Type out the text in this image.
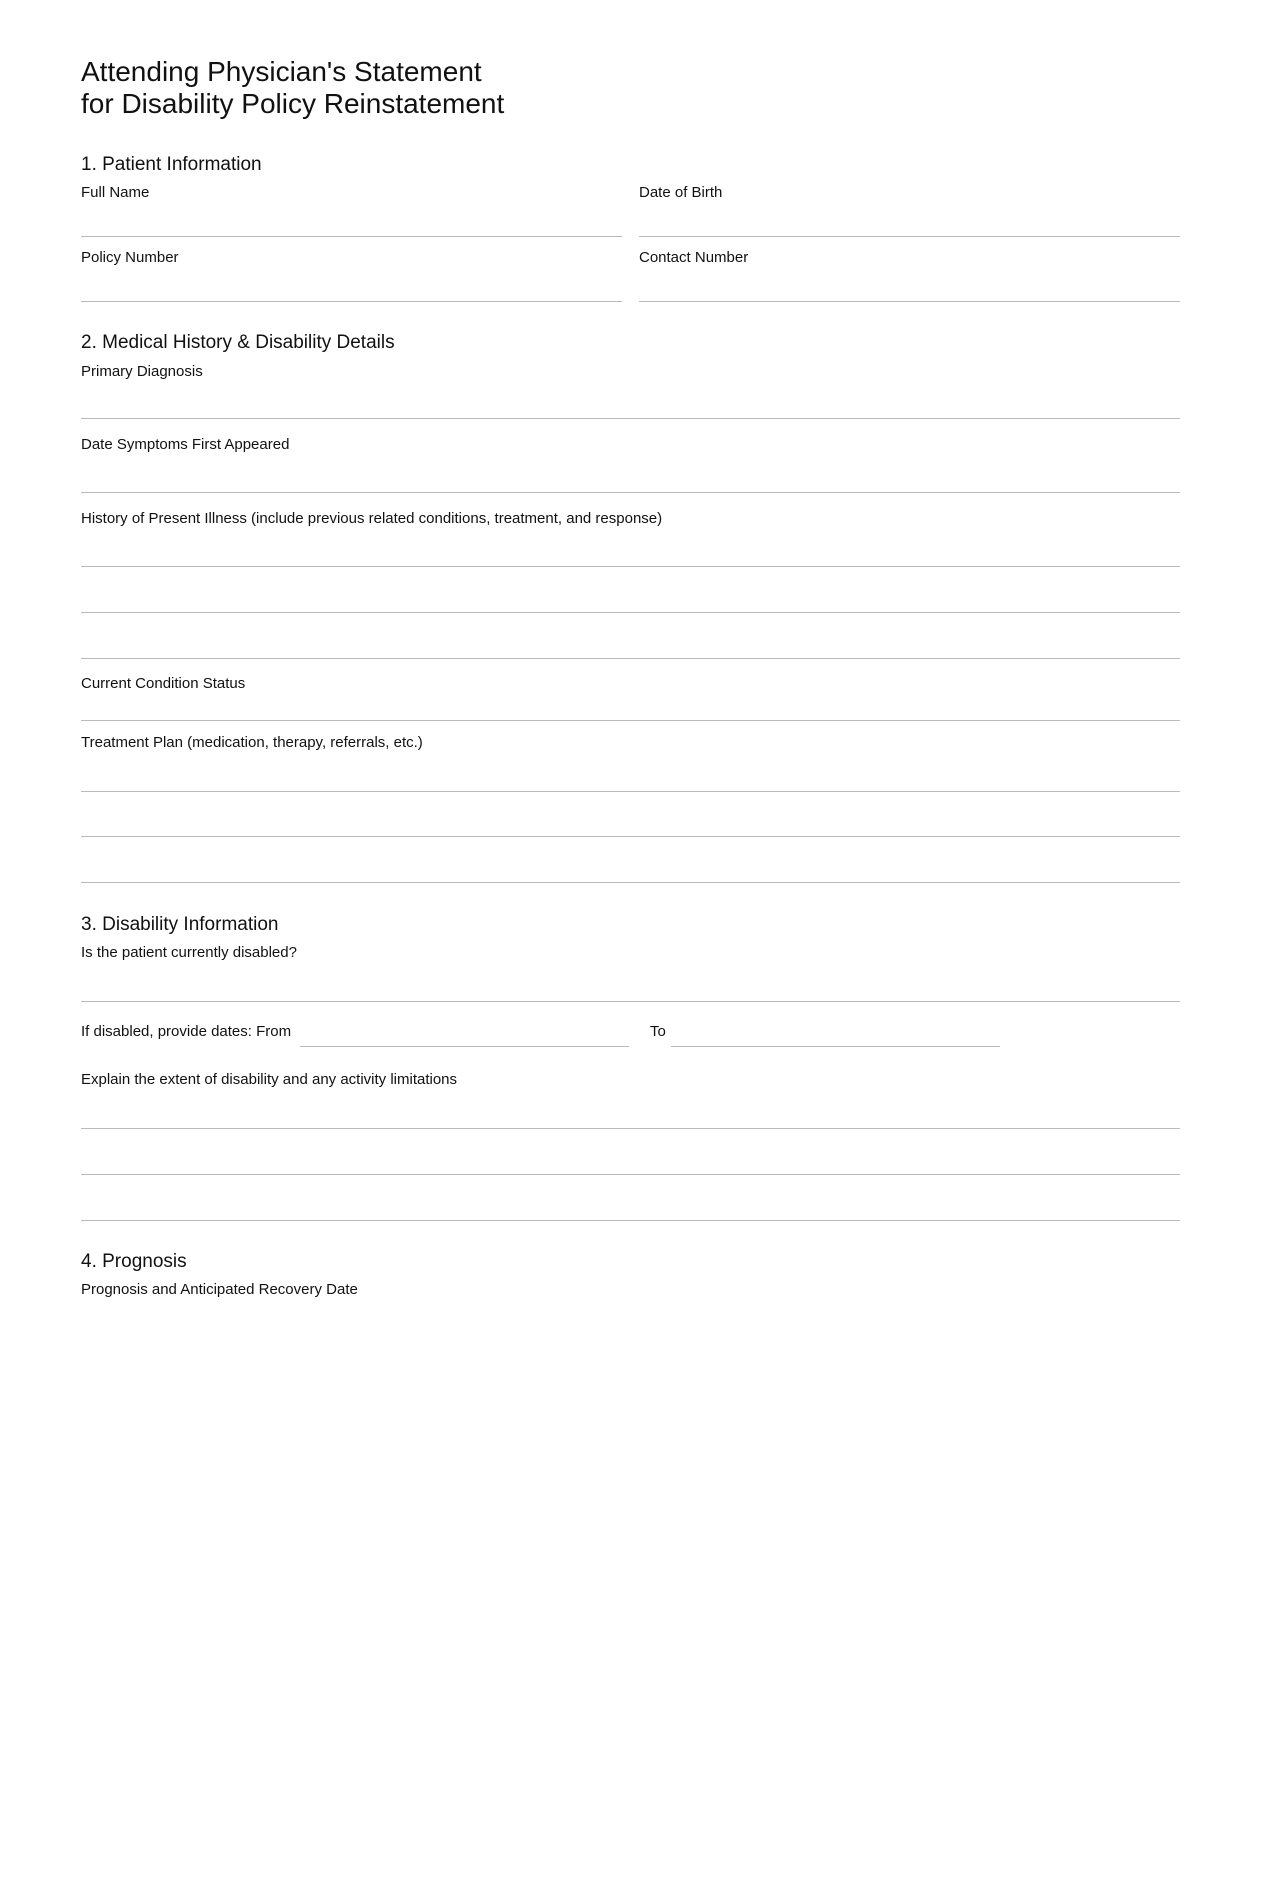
Attending Physician's Statement
for Disability Policy Reinstatement
1. Patient Information
Full Name	Date of Birth
Policy Number	Contact Number
2. Medical History & Disability Details
Primary Diagnosis
Date Symptoms First Appeared
History of Present Illness (include previous related conditions, treatment, and response)
Current Condition Status
Treatment Plan (medication, therapy, referrals, etc.)
3. Disability Information
Is the patient currently disabled?
If disabled, provide dates: From	To
Explain the extent of disability and any activity limitations
4. Prognosis
Prognosis and Anticipated Recovery Date
